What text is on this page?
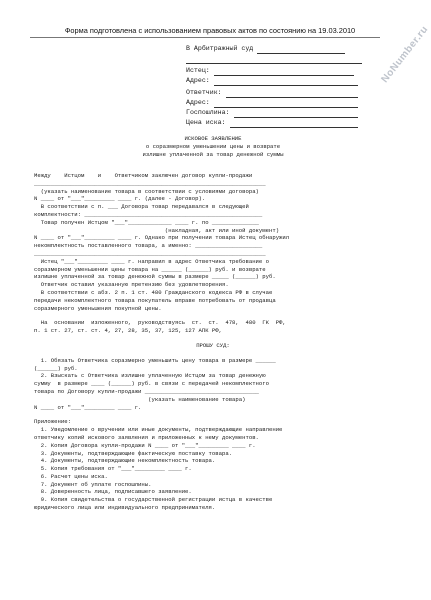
Форма подготовлена с использованием правовых актов по состоянию на 19.03.2010	NoNumber.ru
В Арбитражный суд
Истец:
Адрес:
Ответчик:
Адрес:
Госпошлина:
Цена иска:
ИСКОВОЕ ЗАЯВЛЕНИЕ
о соразмерном уменьшении цены и возврате
излишне уплаченной за товар денежной суммы
Между    Истцом    и    Ответчиком заключен договор купли-продажи
_____________________________________________________________________
(указать наименование товара в соответствии с условиями договора)
N ____ от "___"_________ ____ г. (далее - Договор).
В соответствии с п. ___ Договора товар передавался в следующей
комплектности: _____________________________________________________
Товар получен Истцом "___"_____________ ____ г. по ______________
(накладная, акт или иной документ)
N ____ от "___"_________ ____ г. Однако при получении товара Истец обнаружил
некомплектность поставленного товара, а именно: ____________________
_____________________________________________________________________
Истец "___"_________ ____ г. направил в адрес Ответчика требование о
соразмерном уменьшении цены товара на ______ (______) руб. и возврате
излишне уплаченной за товар денежной суммы в размере _____ (______) руб.
Ответчик оставил указанную претензию без удовлетворения.
В соответствии с абз. 2 п. 1 ст. 480 Гражданского кодекса РФ в случае
передачи некомплектного товара покупатель вправе потребовать от продавца
соразмерного уменьшения покупной цены.
На  основании  изложенного,  руководствуясь  ст.  ст.  478,  480  ГК  РФ,
п. 1 ст. 27, ст. ст. 4, 27, 28, 35, 37, 125, 127 АПК РФ,
ПРОШУ СУД:
1. Обязать Ответчика соразмерно уменьшить цену товара в размере ______
(______) руб.
2. Взыскать с Ответчика излишне уплаченную Истцом за товар денежную
сумму  в размере ____ (______) руб. в связи с передачей некомплектного
товара по Договору купли-продажи __________________________________
(указать наименование товара)
N ____ от "___"_________ ____ г.
Приложение:
1. Уведомление о вручении или иные документы, подтверждающие направление
ответчику копий искового заявления и приложенных к нему документов.
2. Копия Договора купли-продажи N ____ от "___"_________ ____ г.
3. Документы, подтверждающие фактическую поставку товара.
4. Документы, подтверждающие некомплектность товара.
5. Копия требования от "___"_________ ____ г.
6. Расчет цены иска.
7. Документ об уплате госпошлины.
8. Доверенность лица, подписавшего заявление.
9. Копия свидетельства о государственной регистрации истца в качестве
юридического лица или индивидуального предпринимателя.
